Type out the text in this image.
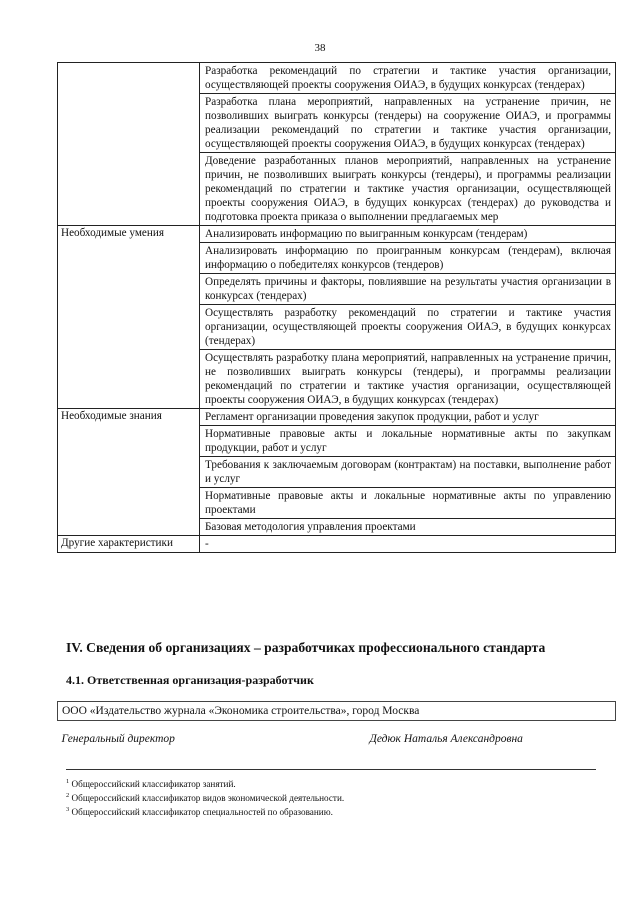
38
	Разработка рекомендаций по стратегии и тактике участия организации, осуществляющей проекты сооружения ОИАЭ, в будущих конкурсах (тендерах)
	Разработка плана мероприятий, направленных на устранение причин, не позволивших выиграть конкурсы (тендеры) на сооружение ОИАЭ, и программы реализации рекомендаций по стратегии и тактике участия организации, осуществляющей проекты сооружения ОИАЭ, в будущих конкурсах (тендерах)
	Доведение разработанных планов мероприятий, направленных на устранение причин, не позволивших выиграть конкурсы (тендеры), и программы реализации рекомендаций по стратегии и тактике участия организации, осуществляющей проекты сооружения ОИАЭ, в будущих конкурсах (тендерах) до руководства и подготовка проекта приказа о выполнении предлагаемых мер
Необходимые умения	Анализировать информацию по выигранным конкурсам (тендерам)
	Анализировать информацию по проигранным конкурсам (тендерам), включая информацию о победителях конкурсов (тендеров)
	Определять причины и факторы, повлиявшие на результаты участия организации в конкурсах (тендерах)
	Осуществлять разработку рекомендаций по стратегии и тактике участия организации, осуществляющей проекты сооружения ОИАЭ, в будущих конкурсах (тендерах)
	Осуществлять разработку плана мероприятий, направленных на устранение причин, не позволивших выиграть конкурсы (тендеры), и программы реализации рекомендаций по стратегии и тактике участия организации, осуществляющей проекты сооружения ОИАЭ, в будущих конкурсах (тендерах)
Необходимые знания	Регламент организации проведения закупок продукции, работ и услуг
	Нормативные правовые акты и локальные нормативные акты по закупкам продукции, работ и услуг
	Требования к заключаемым договорам (контрактам) на поставки, выполнение работ и услуг
	Нормативные правовые акты и локальные нормативные акты по управлению проектами
	Базовая методология управления проектами
Другие характеристики	-
IV. Сведения об организациях – разработчиках профессионального стандарта
4.1. Ответственная организация-разработчик
ООО «Издательство журнала «Экономика строительства», город Москва
Генеральный директор	Дедюк Наталья Александровна
$^1$ Общероссийский классификатор занятий.
$^2$ Общероссийский классификатор видов экономической деятельности.
$^3$ Общероссийский классификатор специальностей по образованию.
